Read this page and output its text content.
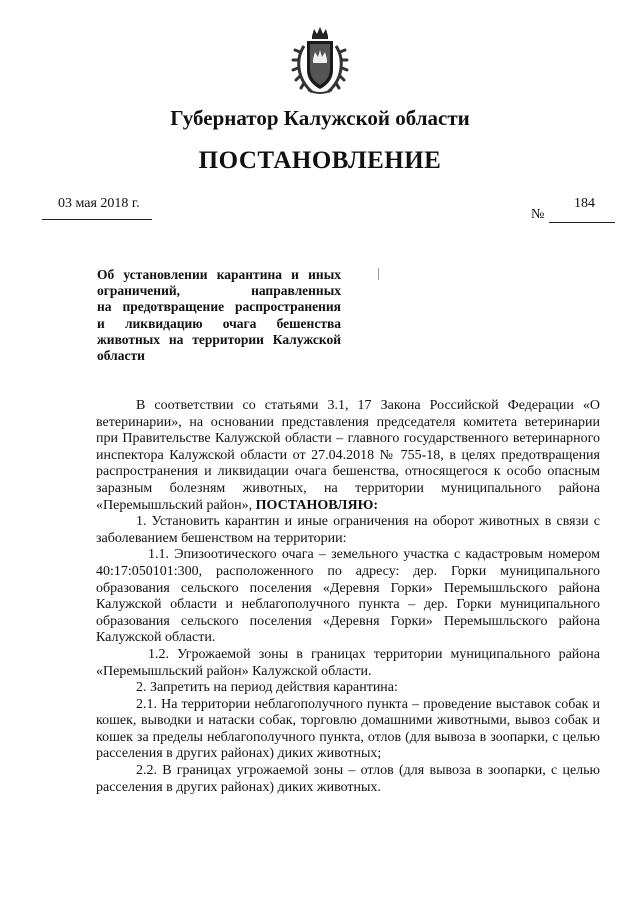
Губернатор Калужской области
ПОСТАНОВЛЕНИЕ
03 мая 2018 г.	184
№
Об установлении карантина и иных
ограничений, направленных
на предотвращение распространения
и ликвидацию очага бешенства
животных на территории Калужской
области

В соответствии со статьями 3.1, 17 Закона Российской Федерации «О ветеринарии», на основании представления председателя комитета ветеринарии при Правительстве Калужской области – главного государственного ветеринарного инспектора Калужской области от 27.04.2018 № 755-18, в целях предотвращения распространения и ликвидации очага бешенства, относящегося к особо опасным заразным болезням животных, на территории муниципального района «Перемышльский район», ПОСТАНОВЛЯЮ:

1. Установить карантин и иные ограничения на оборот животных в связи с заболеванием бешенством на территории:

1.1. Эпизоотического очага – земельного участка с кадастровым номером 40:17:050101:300, расположенного по адресу: дер. Горки муниципального образования сельского поселения «Деревня Горки» Перемышльского района Калужской области и неблагополучного пункта – дер. Горки муниципального образования сельского поселения «Деревня Горки» Перемышльского района Калужской области.

1.2. Угрожаемой зоны в границах территории муниципального района «Перемышльский район» Калужской области.

2. Запретить на период действия карантина:

2.1. На территории неблагополучного пункта – проведение выставок собак и кошек, выводки и натаски собак, торговлю домашними животными, вывоз собак и кошек за пределы неблагополучного пункта, отлов (для вывоза в зоопарки, с целью расселения в других районах) диких животных;

2.2. В границах угрожаемой зоны – отлов (для вывоза в зоопарки, с целью расселения в других районах) диких животных.
